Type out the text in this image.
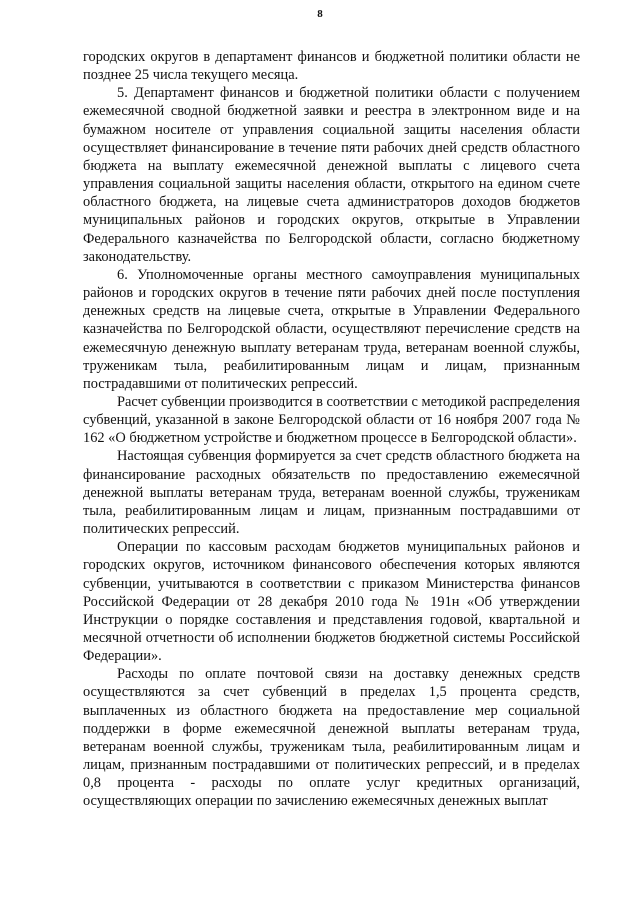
8

городских округов в департамент финансов и бюджетной политики области не позднее 25 числа текущего месяца.

5. Департамент финансов и бюджетной политики области с получением ежемесячной сводной бюджетной заявки и реестра в электронном виде и на бумажном носителе от управления социальной защиты населения области осуществляет финансирование в течение пяти рабочих дней средств областного бюджета на выплату ежемесячной денежной выплаты с лицевого счета управления социальной защиты населения области, открытого на едином счете областного бюджета, на лицевые счета администраторов доходов бюджетов муниципальных районов и городских округов, открытые в Управлении Федерального казначейства по Белгородской области, согласно бюджетному законодательству.

6. Уполномоченные органы местного самоуправления муниципальных районов и городских округов в течение пяти рабочих дней после поступления денежных средств на лицевые счета, открытые в Управлении Федерального казначейства по Белгородской области, осуществляют перечисление средств на ежемесячную денежную выплату ветеранам труда, ветеранам военной службы, труженикам тыла, реабилитированным лицам и лицам, признанным пострадавшими от политических репрессий.

Расчет субвенции производится в соответствии с методикой распределения субвенций, указанной в законе Белгородской области от 16 ноября 2007 года № 162 «О бюджетном устройстве и бюджетном процессе в Белгородской области».

Настоящая субвенция формируется за счет средств областного бюджета на финансирование расходных обязательств по предоставлению ежемесячной денежной выплаты ветеранам труда, ветеранам военной службы, труженикам тыла, реабилитированным лицам и лицам, признанным пострадавшими от политических репрессий.

Операции по кассовым расходам бюджетов муниципальных районов и городских округов, источником финансового обеспечения которых являются субвенции, учитываются в соответствии с приказом Министерства финансов Российской Федерации от 28 декабря 2010 года № 191н «Об утверждении Инструкции о порядке составления и представления годовой, квартальной и месячной отчетности об исполнении бюджетов бюджетной системы Российской Федерации».

Расходы по оплате почтовой связи на доставку денежных средств осуществляются за счет субвенций в пределах 1,5 процента средств, выплаченных из областного бюджета на предоставление мер социальной поддержки в форме ежемесячной денежной выплаты ветеранам труда, ветеранам военной службы, труженикам тыла, реабилитированным лицам и лицам, признанным пострадавшими от политических репрессий, и в пределах 0,8 процента - расходы по оплате услуг кредитных организаций, осуществляющих операции по зачислению ежемесячных денежных выплат
